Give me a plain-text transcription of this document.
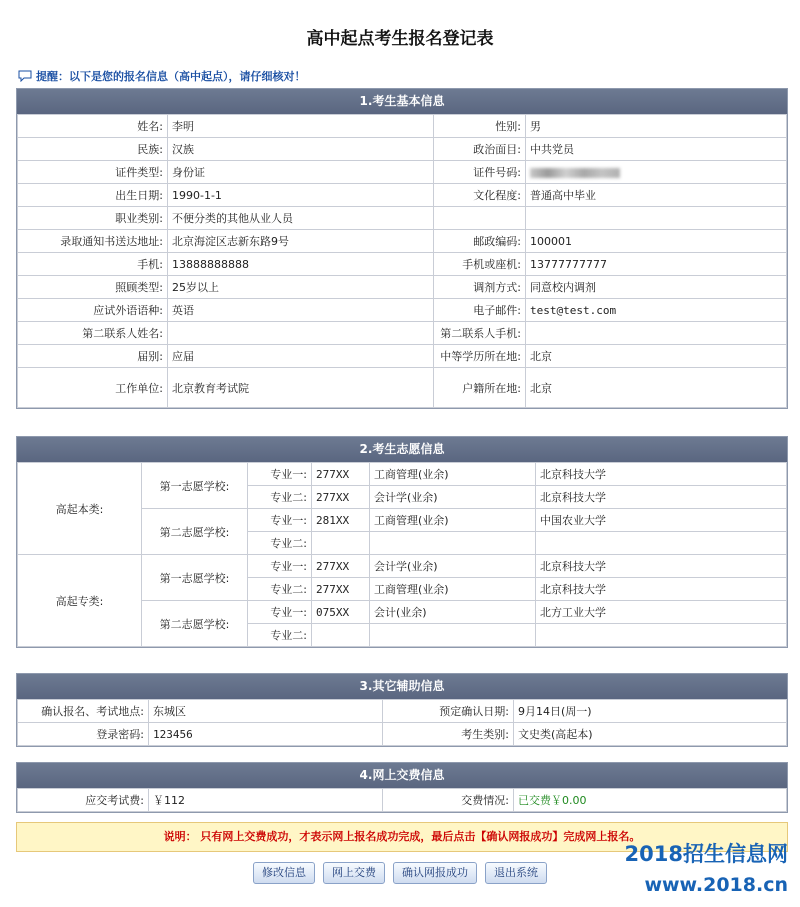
高中起点考生报名登记表
提醒：以下是您的报名信息（高中起点），请仔细核对！
1.考生基本信息
姓名:	李明	性别:	男
民族:	汉族	政治面目:	中共党员
证件类型:	身份证	证件号码:	
出生日期:	1990-1-1	文化程度:	普通高中毕业
职业类别:	不便分类的其他从业人员		
录取通知书送达地址:	北京海淀区志新东路9号	邮政编码:	100001
手机:	13888888888	手机或座机:	13777777777
照顾类型:	25岁以上	调剂方式:	同意校内调剂
应试外语语种:	英语	电子邮件:	test@test.com
第二联系人姓名:		第二联系人手机:	
届别:	应届	中等学历所在地:	北京
工作单位:	北京教育考试院	户籍所在地:	北京
2.考生志愿信息
高起本类:	第一志愿学校:	专业一:	277XX	工商管理(业余)	北京科技大学
		专业二:	277XX	会计学(业余)	北京科技大学
	第二志愿学校:	专业一:	281XX	工商管理(业余)	中国农业大学
		专业二:			
高起专类:	第一志愿学校:	专业一:	277XX	会计学(业余)	北京科技大学
		专业二:	277XX	工商管理(业余)	北京科技大学
	第二志愿学校:	专业一:	075XX	会计(业余)	北方工业大学
		专业二:			
3.其它辅助信息
确认报名、考试地点:	东城区	预定确认日期:	9月14日(周一)
登录密码:	123456	考生类别:	文史类(高起本)
4.网上交费信息
应交考试费:	￥112	交费情况:	已交费￥0.00
说明： 只有网上交费成功，才表示网上报名成功完成，最后点击【确认网报成功】完成网上报名。
修改信息	网上交费	确认网报成功	退出系统
2018招生信息网
www.2018.cn
